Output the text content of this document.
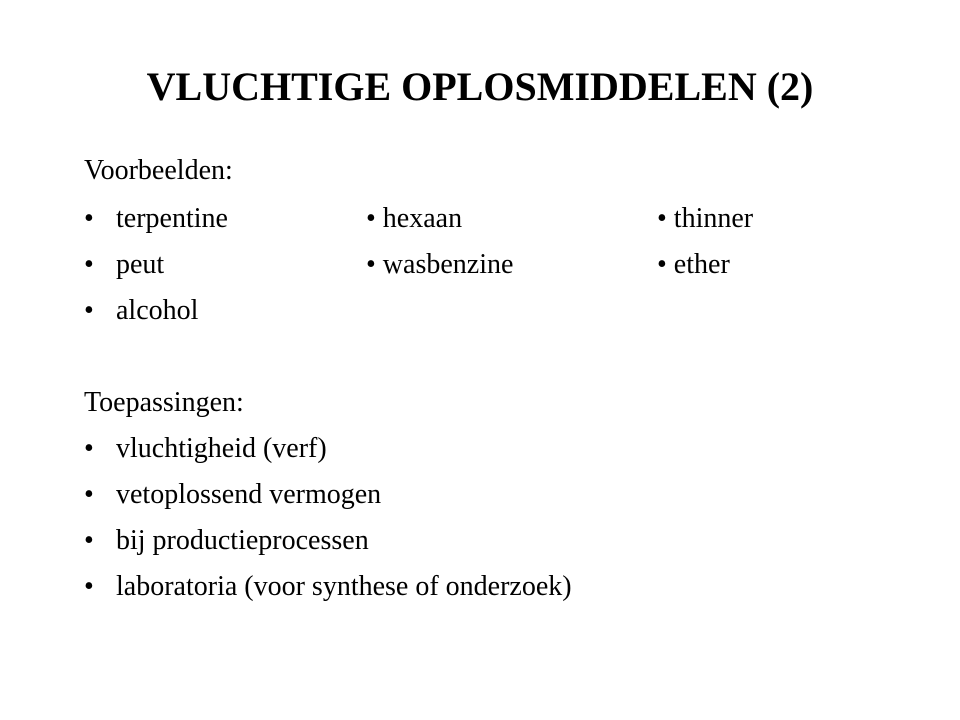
VLUCHTIGE OPLOSMIDDELEN (2)
Voorbeelden:
• terpentine	• hexaan	• thinner
• peut	• wasbenzine	• ether
• alcohol
Toepassingen:
• vluchtigheid (verf)
• vetoplossend vermogen
• bij productieprocessen
• laboratoria (voor synthese of onderzoek)
